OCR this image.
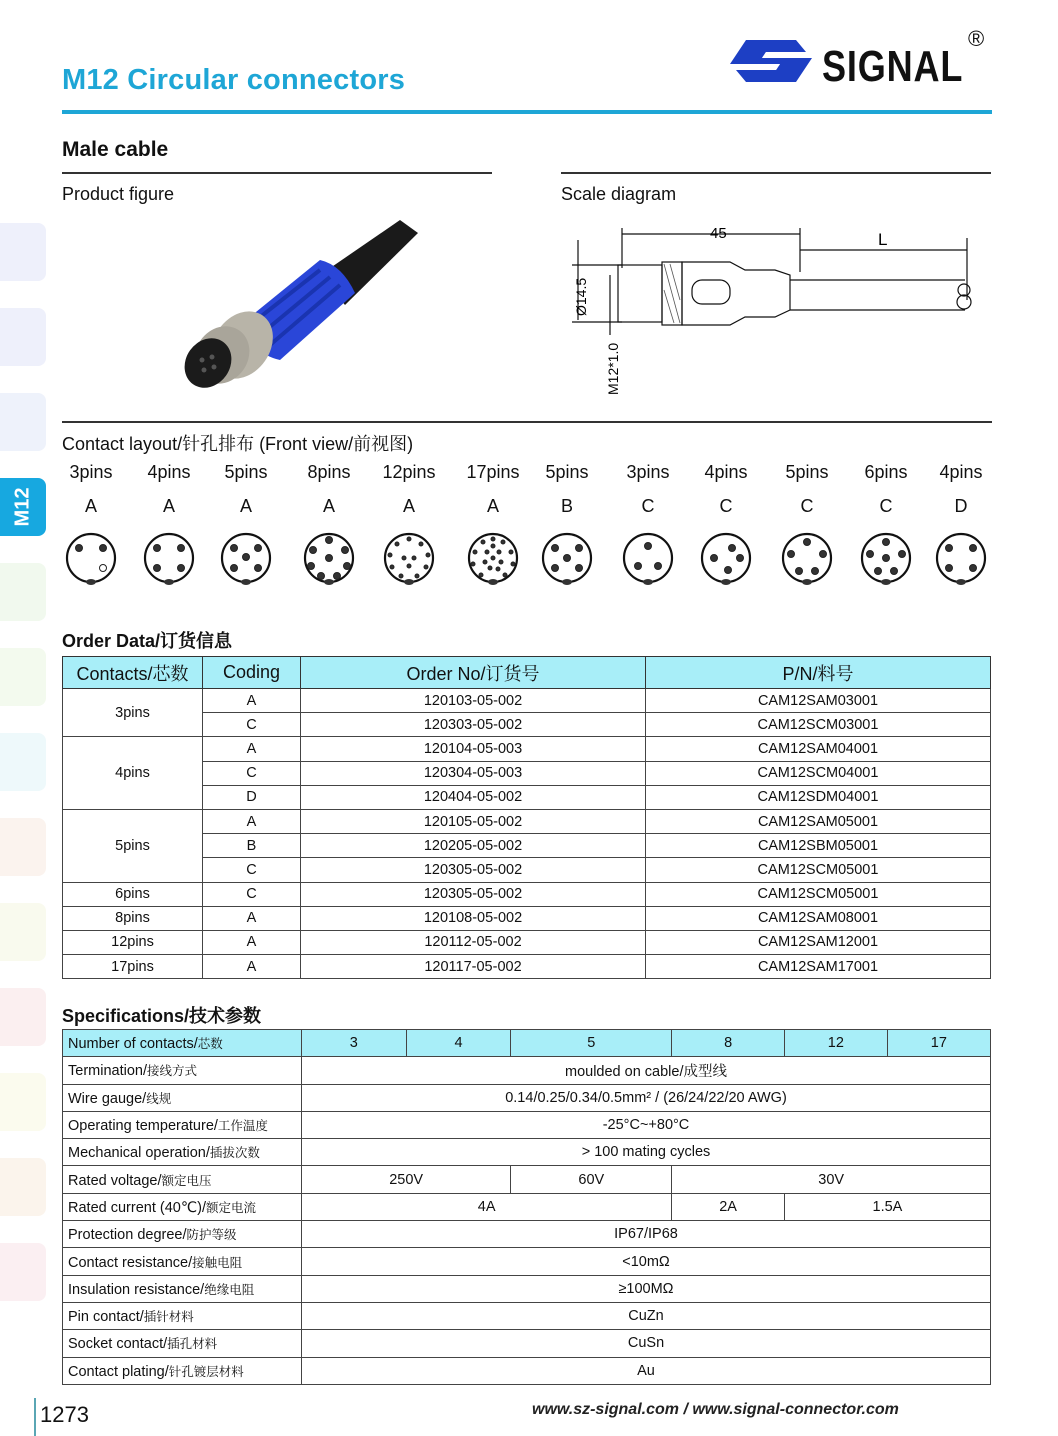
M12 Circular connectors	SIGNAL
®
M12
Male cable
Product figure	Scale diagram
45	L
Ø14.5
M12*1.0
Contact layout/针孔排布 (Front view/前视图)
3pins
A
4pins
A
5pins
A
8pins
A
12pins
A
17pins
A
5pins
B
3pins
C
4pins
C
5pins
C
6pins
C
4pins
D
Order Data/订货信息
Contacts/芯数	Coding	Order No/订货号	P/N/料号
3pins	A	120103-05-002	CAM12SAM03001
	C	120303-05-002	CAM12SCM03001
4pins	A	120104-05-003	CAM12SAM04001
	C	120304-05-003	CAM12SCM04001
	D	120404-05-002	CAM12SDM04001
5pins	A	120105-05-002	CAM12SAM05001
	B	120205-05-002	CAM12SBM05001
	C	120305-05-002	CAM12SCM05001
6pins	C	120305-05-002	CAM12SCM05001
8pins	A	120108-05-002	CAM12SAM08001
12pins	A	120112-05-002	CAM12SAM12001
17pins	A	120117-05-002	CAM12SAM17001
Specifications/技术参数
Number of contacts/芯数	3	4	5	8	12	17
Termination/接线方式	moulded on cable/成型线					
Wire gauge/线规	0.14/0.25/0.34/0.5mm² / (26/24/22/20 AWG)					
Operating temperature/工作温度	-25°C~+80°C					
Mechanical operation/插拔次数	> 100 mating cycles					
Rated voltage/额定电压	250V		60V	30V		
Rated current (40℃)/额定电流	4A			2A	1.5A	
Protection degree/防护等级	IP67/IP68					
Contact resistance/接触电阻	<10mΩ					
Insulation resistance/绝缘电阻	≥100MΩ					
Pin contact/插针材料	CuZn					
Socket contact/插孔材料	CuSn					
Contact plating/针孔镀层材料	Au					
1273	www.sz-signal.com / www.signal-connector.com
